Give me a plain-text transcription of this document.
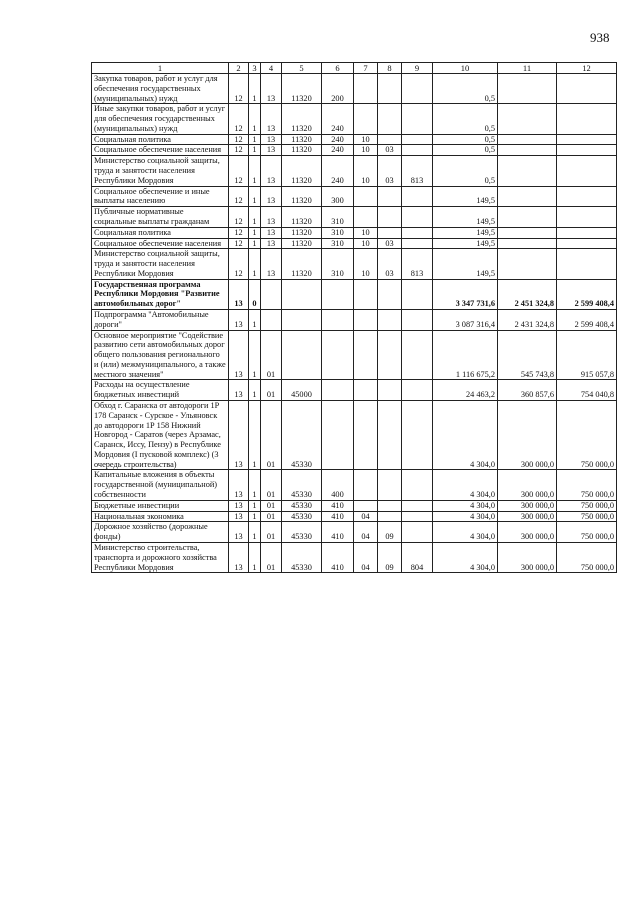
938
1	2	3	4	5	6	7	8	9	10	11	12
Закупка товаров, работ и услуг для обеспечения государственных (муниципальных) нужд	12	1	13	11320	200				0,5		
Иные закупки товаров, работ и услуг для обеспечения государственных (муниципальных) нужд	12	1	13	11320	240				0,5		
Социальная политика	12	1	13	11320	240	10			0,5		
Социальное обеспечение населения	12	1	13	11320	240	10	03		0,5		
Министерство социальной защиты, труда и занятости населения Республики Мордовия	12	1	13	11320	240	10	03	813	0,5		
Социальное обеспечение и иные выплаты населению	12	1	13	11320	300				149,5		
Публичные нормативные социальные выплаты гражданам	12	1	13	11320	310				149,5		
Социальная политика	12	1	13	11320	310	10			149,5		
Социальное обеспечение населения	12	1	13	11320	310	10	03		149,5		
Министерство социальной защиты, труда и занятости населения Республики Мордовия	12	1	13	11320	310	10	03	813	149,5		
Государственная программа Республики Мордовия "Развитие автомобильных дорог"	13	0							3 347 731,6	2 451 324,8	2 599 408,4
Подпрограмма "Автомобильные дороги"	13	1							3 087 316,4	2 431 324,8	2 599 408,4
Основное мероприятие "Содействие развитию сети автомобильных дорог общего пользования регионального и (или) межмуниципального, а также местного значения"	13	1	01						1 116 675,2	545 743,8	915 057,8
Расходы на осуществление бюджетных инвестиций	13	1	01	45000					24 463,2	360 857,6	754 040,8
Обход г. Саранска от автодороги 1Р 178 Саранск - Сурское - Ульяновск до автодороги 1Р 158 Нижний Новгород - Саратов (через Арзамас, Саранск, Иссу, Пензу) в Республике Мордовия (I пусковой комплекс) (3 очередь строительства)	13	1	01	45330					4 304,0	300 000,0	750 000,0
Капитальные вложения в объекты государственной (муниципальной) собственности	13	1	01	45330	400				4 304,0	300 000,0	750 000,0
Бюджетные инвестиции	13	1	01	45330	410				4 304,0	300 000,0	750 000,0
Национальная экономика	13	1	01	45330	410	04			4 304,0	300 000,0	750 000,0
Дорожное хозяйство (дорожные фонды)	13	1	01	45330	410	04	09		4 304,0	300 000,0	750 000,0
Министерство строительства, транспорта и дорожного хозяйства Республики Мордовия	13	1	01	45330	410	04	09	804	4 304,0	300 000,0	750 000,0
